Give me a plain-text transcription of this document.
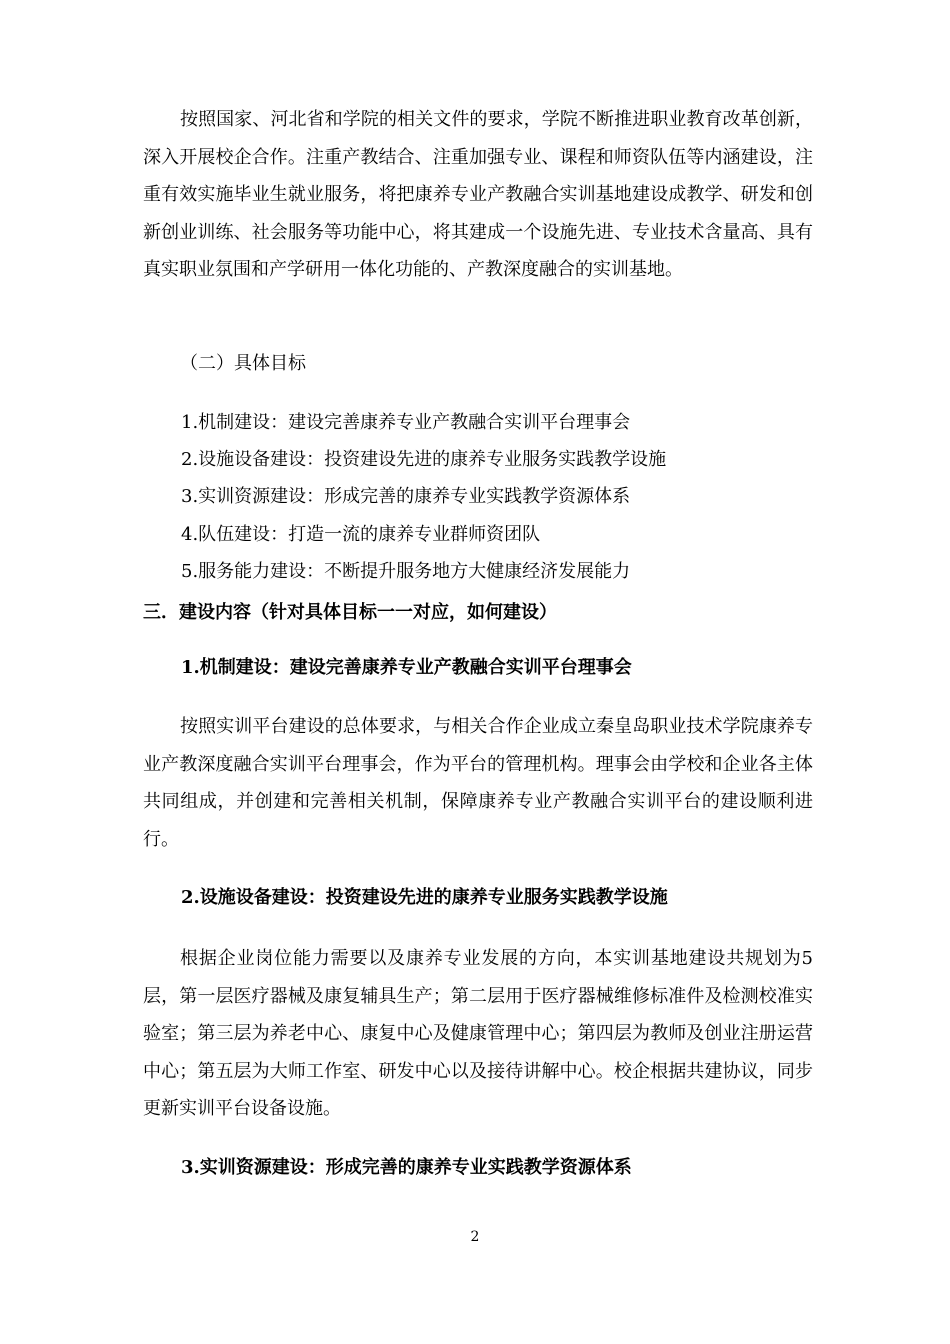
按照国家、河北省和学院的相关文件的要求，学院不断推进职业教育改革创新，深入开展校企合作。注重产教结合、注重加强专业、课程和师资队伍等内涵建设，注重有效实施毕业生就业服务，将把康养专业产教融合实训基地建设成教学、研发和创新创业训练、社会服务等功能中心，将其建成一个设施先进、专业技术含量高、具有真实职业氛围和产学研用一体化功能的、产教深度融合的实训基地。

（二）具体目标

1.机制建设：建设完善康养专业产教融合实训平台理事会

2.设施设备建设：投资建设先进的康养专业服务实践教学设施

3.实训资源建设：形成完善的康养专业实践教学资源体系

4.队伍建设：打造一流的康养专业群师资团队

5.服务能力建设：不断提升服务地方大健康经济发展能力

三．建设内容（针对具体目标一一对应，如何建设）

1.机制建设：建设完善康养专业产教融合实训平台理事会

按照实训平台建设的总体要求，与相关合作企业成立秦皇岛职业技术学院康养专业产教深度融合实训平台理事会，作为平台的管理机构。理事会由学校和企业各主体共同组成，并创建和完善相关机制，保障康养专业产教融合实训平台的建设顺利进行。

2.设施设备建设：投资建设先进的康养专业服务实践教学设施

根据企业岗位能力需要以及康养专业发展的方向，本实训基地建设共规划为5层，第一层医疗器械及康复辅具生产；第二层用于医疗器械维修标准件及检测校准实验室；第三层为养老中心、康复中心及健康管理中心；第四层为教师及创业注册运营中心；第五层为大师工作室、研发中心以及接待讲解中心。校企根据共建协议，同步更新实训平台设备设施。

3.实训资源建设：形成完善的康养专业实践教学资源体系

2
